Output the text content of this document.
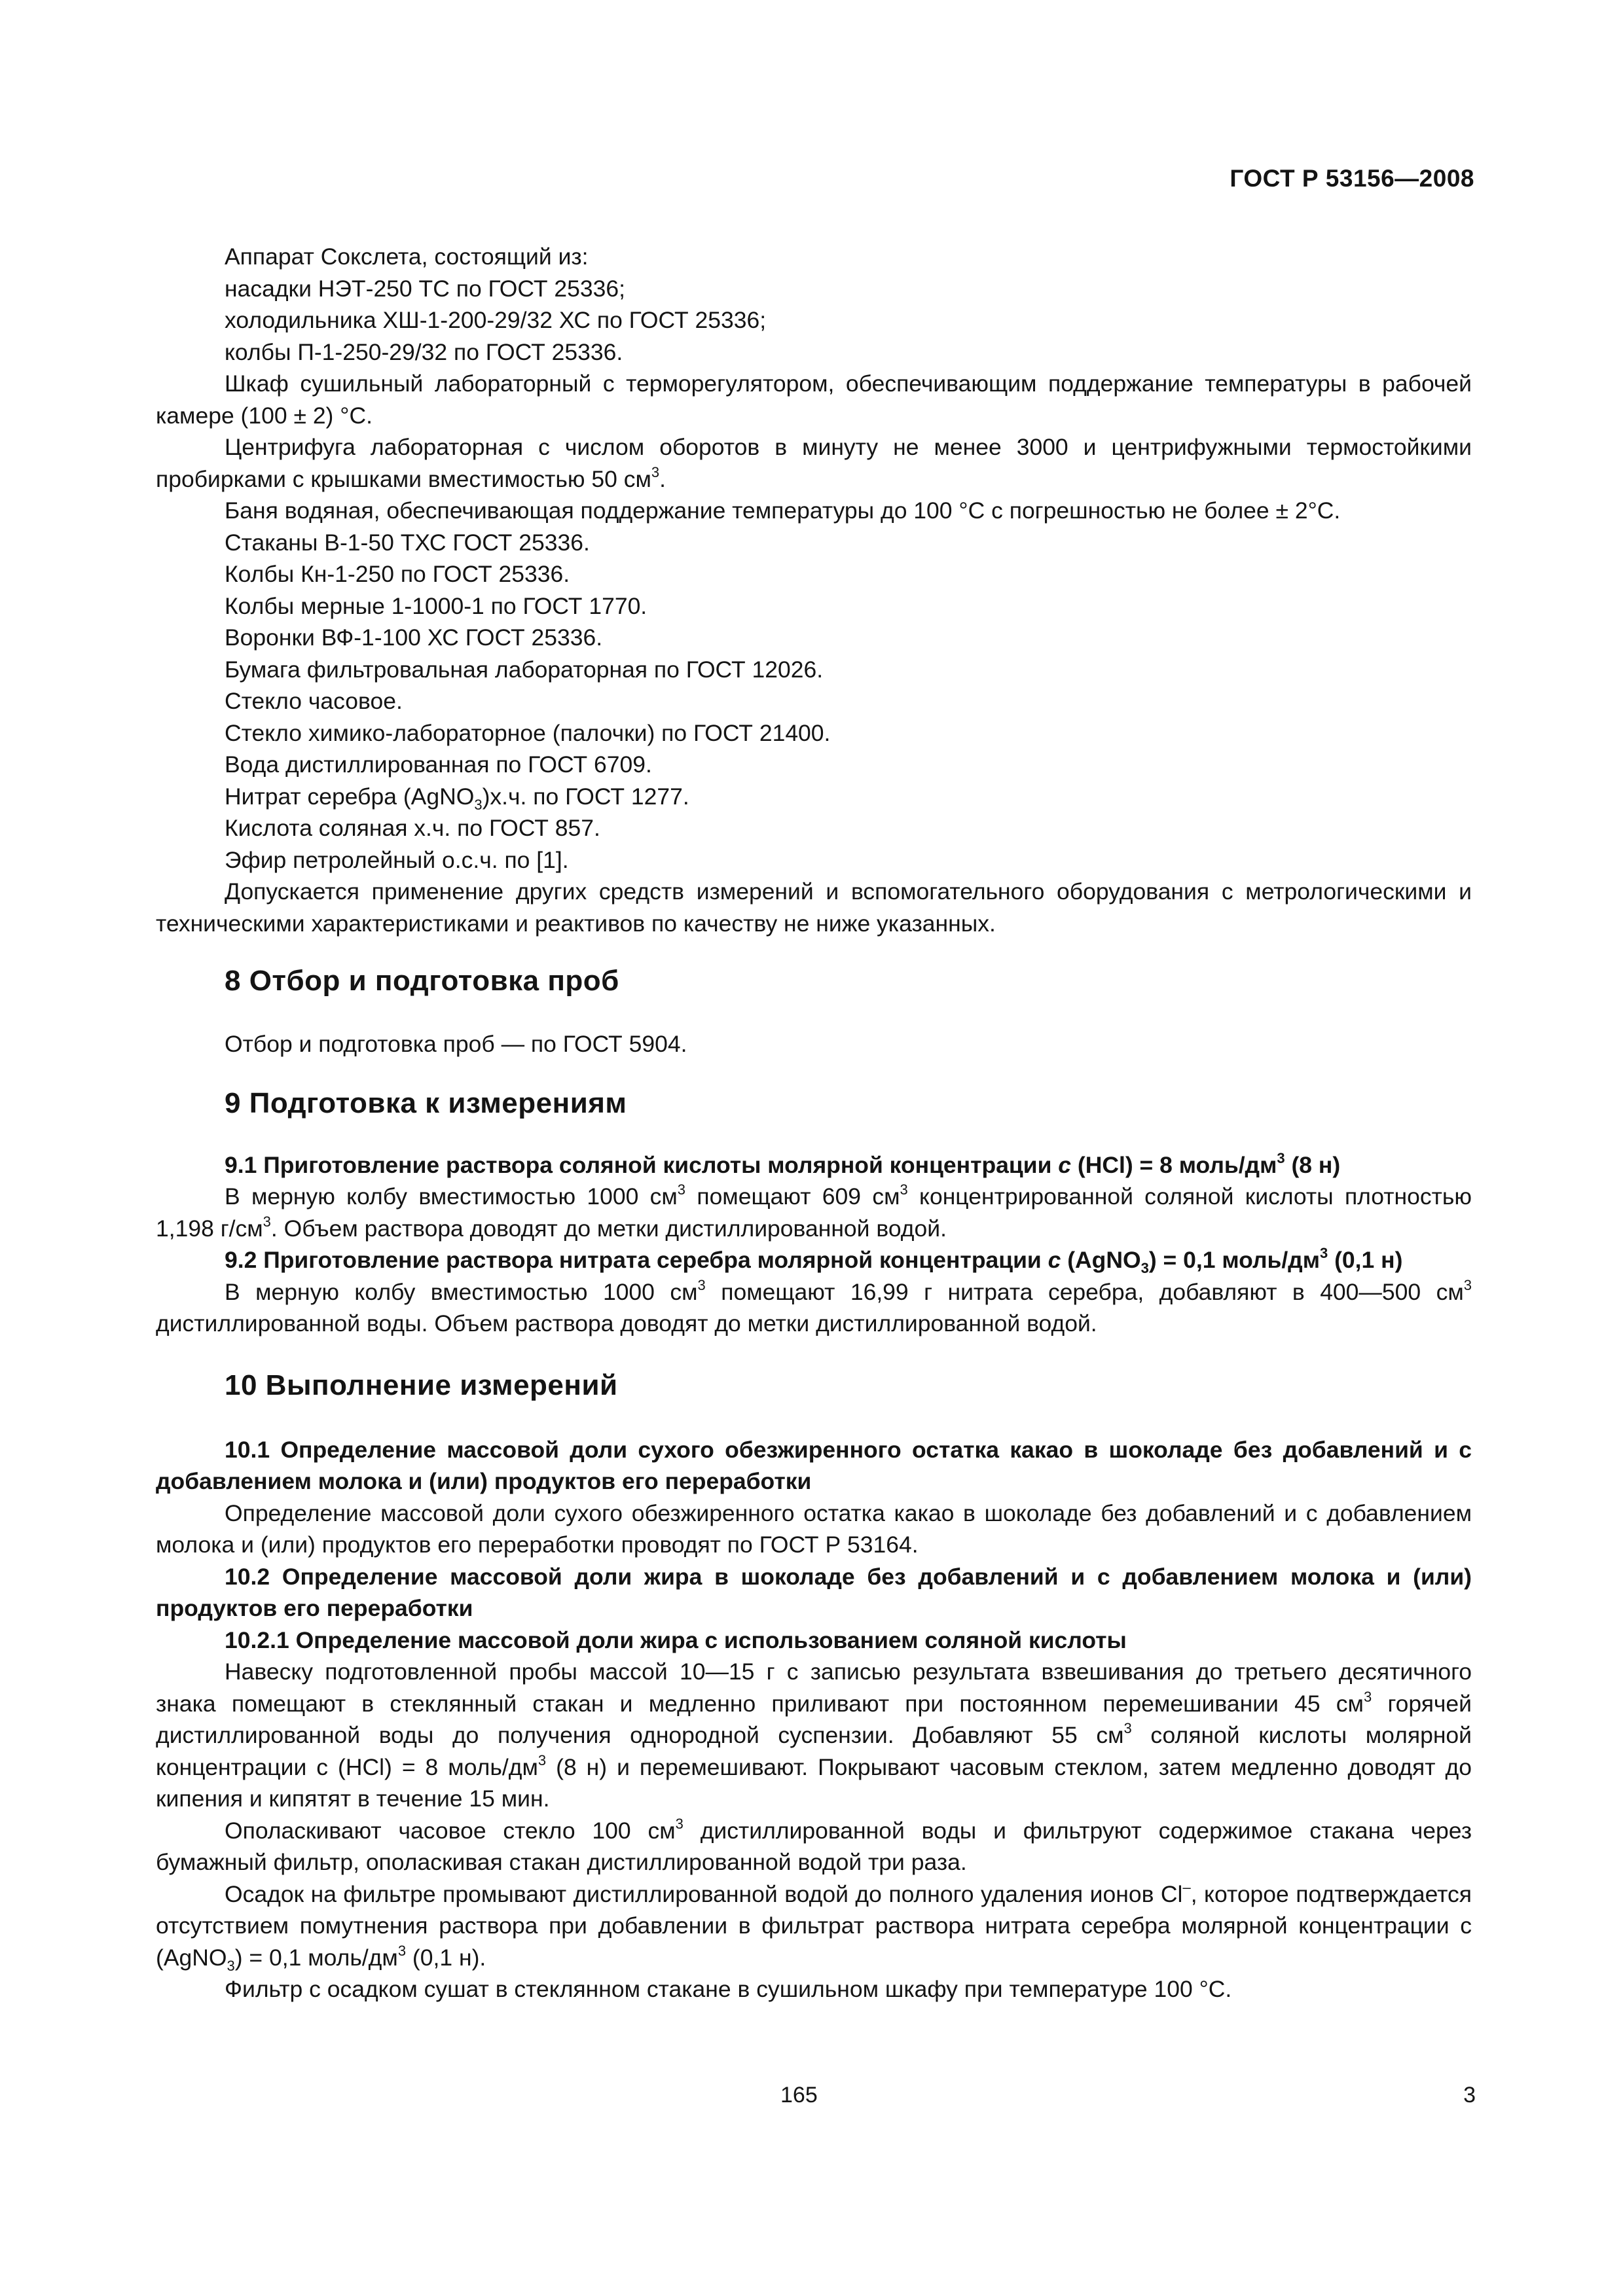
ГОСТ Р 53156—2008

Аппарат Сокслета, состоящий из:

насадки НЭТ-250 ТС по ГОСТ 25336;

холодильника ХШ-1-200-29/32 ХС по ГОСТ 25336;

колбы П-1-250-29/32 по ГОСТ 25336.

Шкаф сушильный лабораторный с терморегулятором, обеспечивающим поддержание температуры в рабочей камере (100 ± 2) °С.

Центрифуга лабораторная с числом оборотов в минуту не менее 3000 и центрифужными термостойкими пробирками с крышками вместимостью 50 $см^3$.

Баня водяная, обеспечивающая поддержание температуры до 100 °С с погрешностью не более ± 2°С.

Стаканы В-1-50 ТХС ГОСТ 25336.

Колбы Кн-1-250 по ГОСТ 25336.

Колбы мерные 1-1000-1 по ГОСТ 1770.

Воронки ВФ-1-100 ХС ГОСТ 25336.

Бумага фильтровальная лабораторная по ГОСТ 12026.

Стекло часовое.

Стекло химико-лабораторное (палочки) по ГОСТ 21400.

Вода дистиллированная по ГОСТ 6709.

Нитрат серебра (AgNO$_3$)х.ч. по ГОСТ 1277.

Кислота соляная х.ч. по ГОСТ 857.

Эфир петролейный о.с.ч. по [1].

Допускается применение других средств измерений и вспомогательного оборудования с метрологическими и техническими характеристиками и реактивов по качеству не ниже указанных.

8 Отбор и подготовка проб

Отбор и подготовка проб — по ГОСТ 5904.

9 Подготовка к измерениям

9.1 Приготовление раствора соляной кислоты молярной концентрации с (НСl) = 8 моль/$дм^3$ (8 н)

В мерную колбу вместимостью 1000 $см^3$ помещают 609 $см^3$ концентрированной соляной кислоты плотностью 1,198 $г/см^3$. Объем раствора доводят до метки дистиллированной водой.

9.2 Приготовление раствора нитрата серебра молярной концентрации с (AgNO$_3$) = 0,1 моль/$дм^3$ (0,1 н)

В мерную колбу вместимостью 1000 $см^3$ помещают 16,99 г нитрата серебра, добавляют в 400—500 $см^3$ дистиллированной воды. Объем раствора доводят до метки дистиллированной водой.

10 Выполнение измерений

10.1 Определение массовой доли сухого обезжиренного остатка какао в шоколаде без добавлений и с добавлением молока и (или) продуктов его переработки

Определение массовой доли сухого обезжиренного остатка какао в шоколаде без добавлений и с добавлением молока и (или) продуктов его переработки проводят по ГОСТ Р 53164.

10.2 Определение массовой доли жира в шоколаде без добавлений и с добавлением молока и (или) продуктов его переработки

10.2.1 Определение массовой доли жира с использованием соляной кислоты

Навеску подготовленной пробы массой 10—15 г с записью результата взвешивания до третьего десятичного знака помещают в стеклянный стакан и медленно приливают при постоянном перемешивании 45 $см^3$ горячей дистиллированной воды до получения однородной суспензии. Добавляют 55 $см^3$ соляной кислоты молярной концентрации с (НСl) = 8 моль/$дм^3$ (8 н) и перемешивают. Покрывают часовым стеклом, затем медленно доводят до кипения и кипятят в течение 15 мин.

Ополаскивают часовое стекло 100 $см^3$ дистиллированной воды и фильтруют содержимое стакана через бумажный фильтр, ополаскивая стакан дистиллированной водой три раза.

Осадок на фильтре промывают дистиллированной водой до полного удаления ионов Сl–, которое подтверждается отсутствием помутнения раствора при добавлении в фильтрат раствора нитрата серебра молярной концентрации с (AgNO$_3$) = 0,1 моль/$дм^3$ (0,1 н).

Фильтр с осадком сушат в стеклянном стакане в сушильном шкафу при температуре 100 °С.

165	3
